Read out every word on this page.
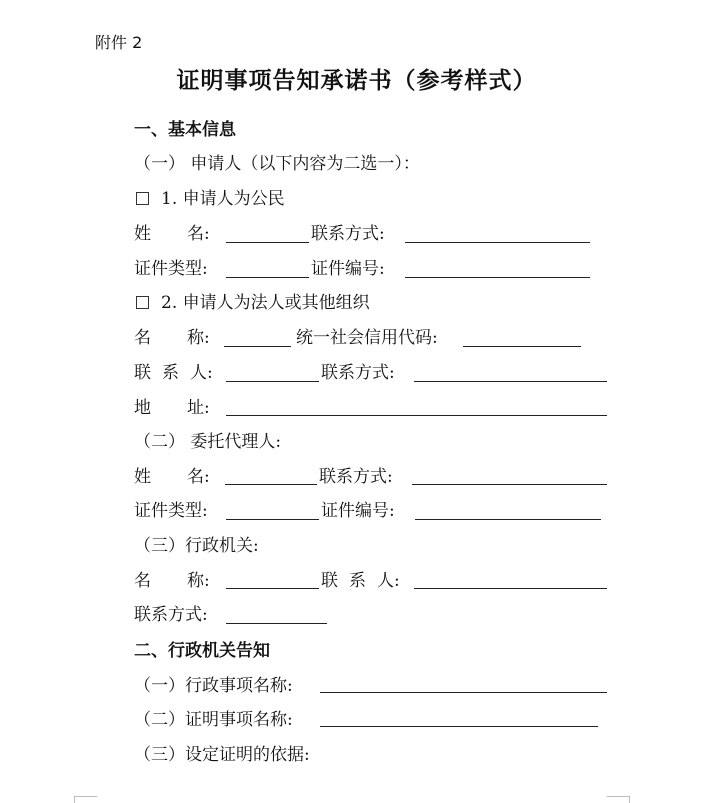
附件 2
证明事项告知承诺书（参考样式）
一、基本信息
（一） 申请人（以下内容为二选一）：
1. 申请人为公民
姓 名:	联系方式:
证件类型:	证件编号:
2. 申请人为法人或其他组织
名 称:	统一社会信用代码:
联 系 人:	联系方式:
地 址:
（二） 委托代理人:
姓 名:	联系方式:
证件类型:	证件编号:
（三）行政机关:
名 称:	联 系 人:
联系方式:
二、行政机关告知
（一）行政事项名称:
（二）证明事项名称:
（三）设定证明的依据:
